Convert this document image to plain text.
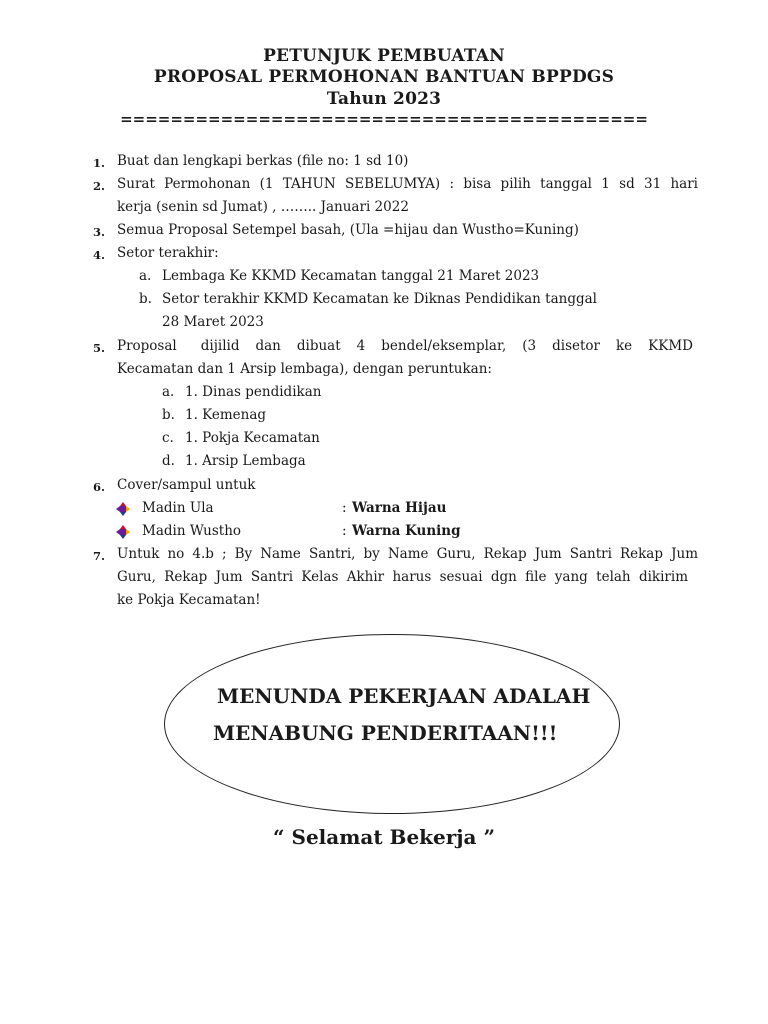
PETUNJUK PEMBUATAN
PROPOSAL PERMOHONAN BANTUAN BPPDGS
Tahun 2023
==========================================
1. Buat dan lengkapi berkas (file no: 1 sd 10)
2. Surat Permohonan (1 TAHUN SEBELUMYA) : bisa pilih tanggal 1 sd 31 hari
kerja (senin sd Jumat) , …….. Januari 2022
3. Semua Proposal Setempel basah, (Ula =hijau dan Wustho=Kuning)
4. Setor terakhir:
a. Lembaga Ke KKMD Kecamatan tanggal 21 Maret 2023
b. Setor terakhir KKMD Kecamatan ke Diknas Pendidikan tanggal
28 Maret 2023
5. Proposal   dijilid  dan  dibuat  4  bendel/eksemplar,  (3  disetor  ke  KKMD
Kecamatan dan 1 Arsip lembaga), dengan peruntukan:
a. 1. Dinas pendidikan
b. 1. Kemenag
c. 1. Pokja Kecamatan
d. 1. Arsip Lembaga
6. Cover/sampul untuk
Madin Ula	: Warna Hijau
Madin Wustho	: Warna Kuning
7. Untuk no 4.b ; By Name Santri, by Name Guru, Rekap Jum Santri Rekap Jum
Guru, Rekap Jum Santri Kelas Akhir harus sesuai dgn file yang telah dikirim
ke Pokja Kecamatan!
MENUNDA PEKERJAAN ADALAH
MENABUNG PENDERITAAN!!!
“ Selamat Bekerja ”
